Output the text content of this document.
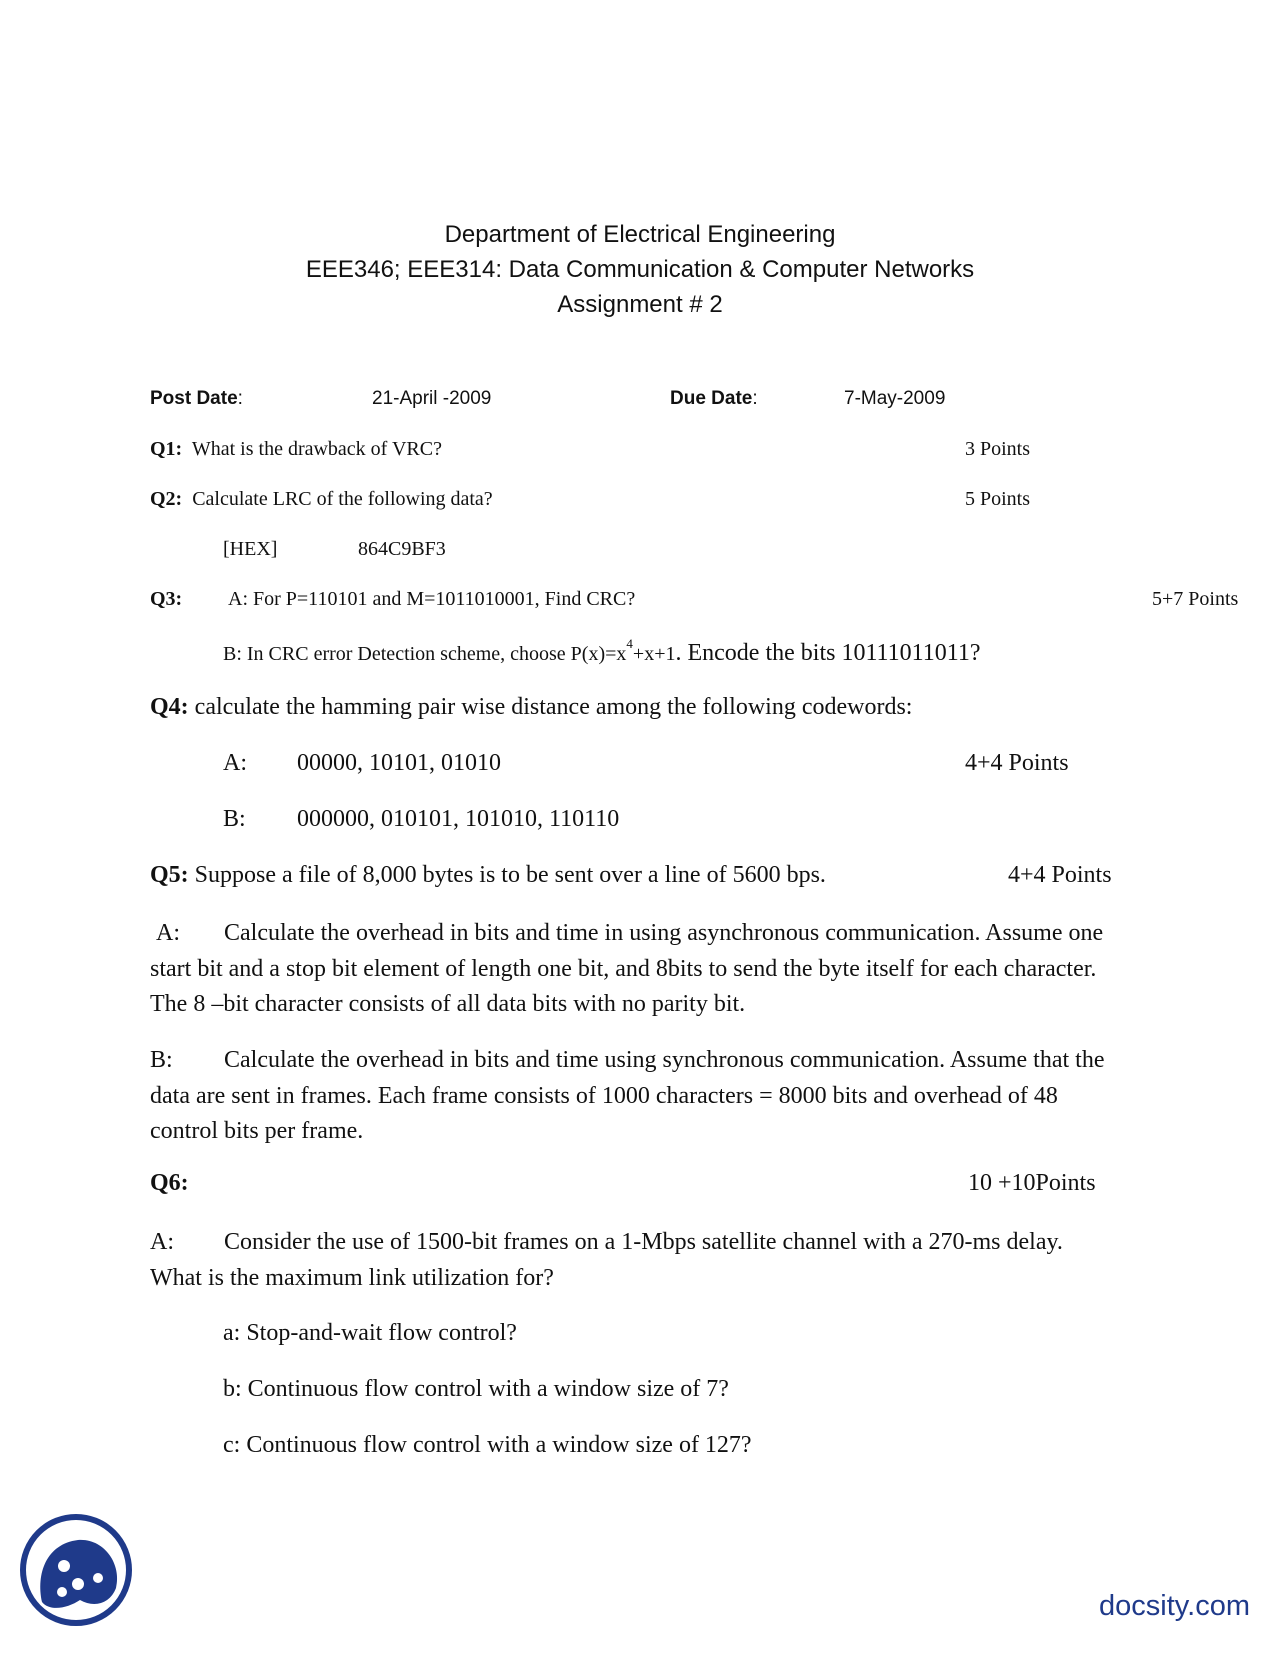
Department of Electrical Engineering
EEE346; EEE314: Data Communication & Computer Networks
Assignment # 2
Post Date:	21-April -2009	Due Date:	7-May-2009
Q1: What is the drawback of VRC?	3 Points
Q2: Calculate LRC of the following data?	5 Points
[HEX]	864C9BF3
Q3: A: For P=110101 and M=1011010001, Find CRC?	5+7 Points
B: In CRC error Detection scheme, choose $P(x)=x^4+x+1$. Encode the bits 10111011011?
Q4: calculate the hamming pair wise distance among the following codewords:
A: 00000, 10101, 01010	4+4 Points
B: 000000, 010101, 101010, 110110
Q5: Suppose a file of 8,000 bytes is to be sent over a line of 5600 bps.	4+4 Points
A: Calculate the overhead in bits and time in using asynchronous communication. Assume one start bit and a stop bit element of length one bit, and 8bits to send the byte itself for each character. The 8 –bit character consists of all data bits with no parity bit.
B: Calculate the overhead in bits and time using synchronous communication. Assume that the data are sent in frames. Each frame consists of 1000 characters = 8000 bits and overhead of 48 control bits per frame.
Q6:	10 +10Points
A: Consider the use of 1500-bit frames on a 1-Mbps satellite channel with a 270-ms delay. What is the maximum link utilization for?
a: Stop-and-wait flow control?
b: Continuous flow control with a window size of 7?
c: Continuous flow control with a window size of 127?
docsity.com
